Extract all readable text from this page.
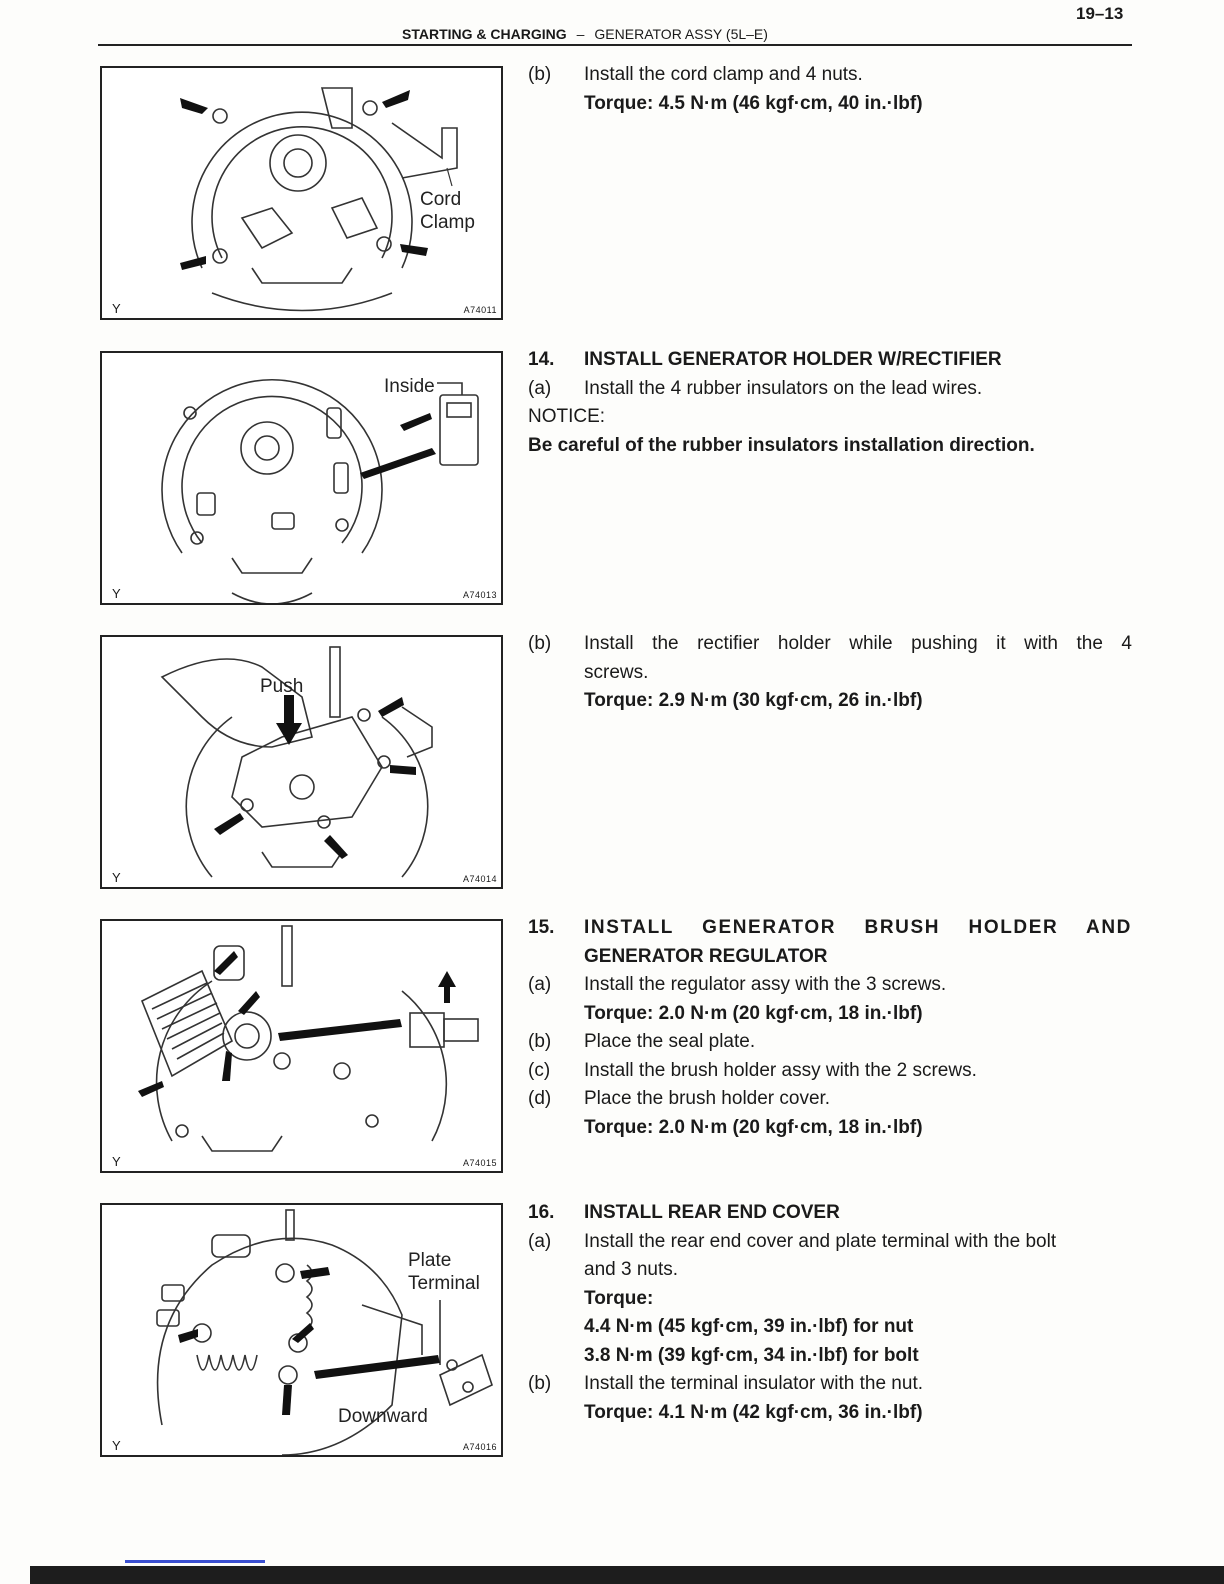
19–13
STARTING & CHARGING – GENERATOR ASSY (5L–E)
Cord
Clamp
Y	A74011
Inside
Y	A74013
Push
Y	A74014
Y	A74015
Plate
Terminal
Downward
Y	A74016
(b)	Install the cord clamp and 4 nuts.
Torque: 4.5 N·m (46 kgf·cm, 40 in.·lbf)
14.	INSTALL GENERATOR HOLDER W/RECTIFIER
(a)	Install the 4 rubber insulators on the lead wires.
NOTICE:
Be careful of the rubber insulators installation direction.
(b)	Install the rectifier holder while pushing it with the 4
screws.
Torque: 2.9 N·m (30 kgf·cm, 26 in.·lbf)
15.	INSTALL GENERATOR BRUSH HOLDER AND
GENERATOR REGULATOR
(a)	Install the regulator assy with the 3 screws.
Torque: 2.0 N·m (20 kgf·cm, 18 in.·lbf)
(b)	Place the seal plate.
(c)	Install the brush holder assy with the 2 screws.
(d)	Place the brush holder cover.
Torque: 2.0 N·m (20 kgf·cm, 18 in.·lbf)
16.	INSTALL REAR END COVER
(a)	Install the rear end cover and plate terminal with the bolt
and 3 nuts.
Torque:
4.4 N·m (45 kgf·cm, 39 in.·lbf) for nut
3.8 N·m (39 kgf·cm, 34 in.·lbf) for bolt
(b)	Install the terminal insulator with the nut.
Torque: 4.1 N·m (42 kgf·cm, 36 in.·lbf)
